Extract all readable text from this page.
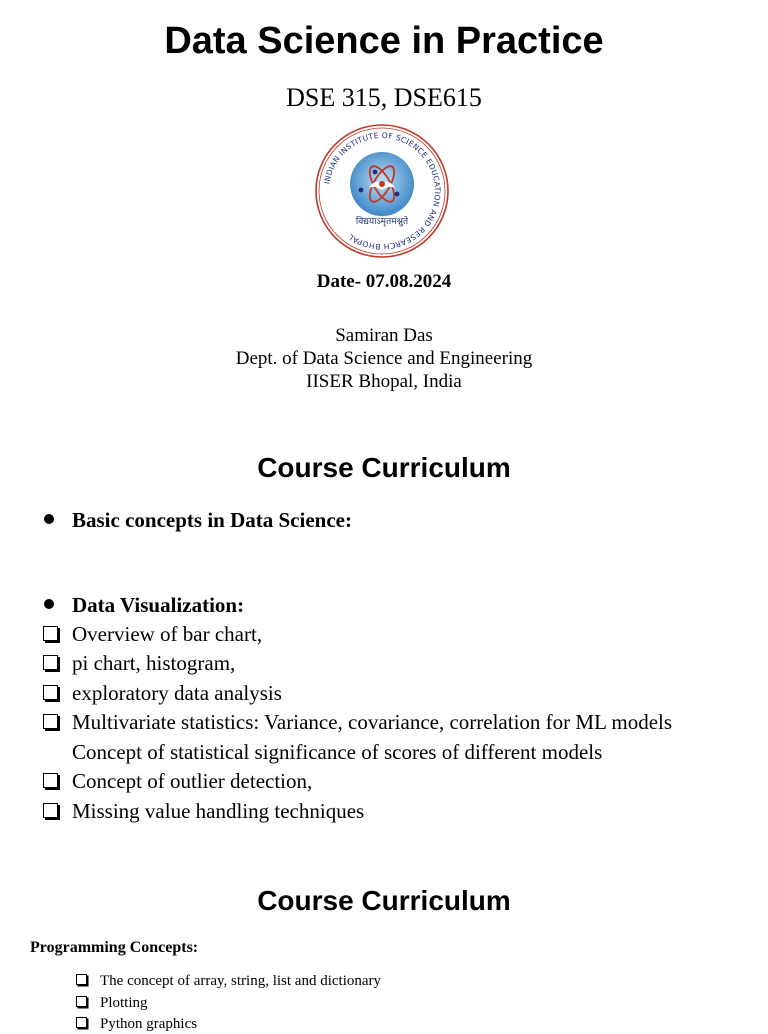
Data Science in Practice
DSE 315, DSE615
INDIAN INSTITUTE OF SCIENCE EDUCATION AND RESEARCH BHOPAL
विद्ययाऽमृतमश्नुते
Date- 07.08.2024
Samiran Das
Dept. of Data Science and Engineering
IISER Bhopal, India
Course Curriculum
Basic concepts in Data Science:
Data Visualization:
Overview of bar chart,
pi chart, histogram,
exploratory data analysis
Multivariate statistics: Variance, covariance, correlation for ML models
Concept of statistical significance of scores of different models
Concept of outlier detection,
Missing value handling techniques
Course Curriculum
Programming Concepts:
The concept of array, string, list and dictionary
Plotting
Python graphics
